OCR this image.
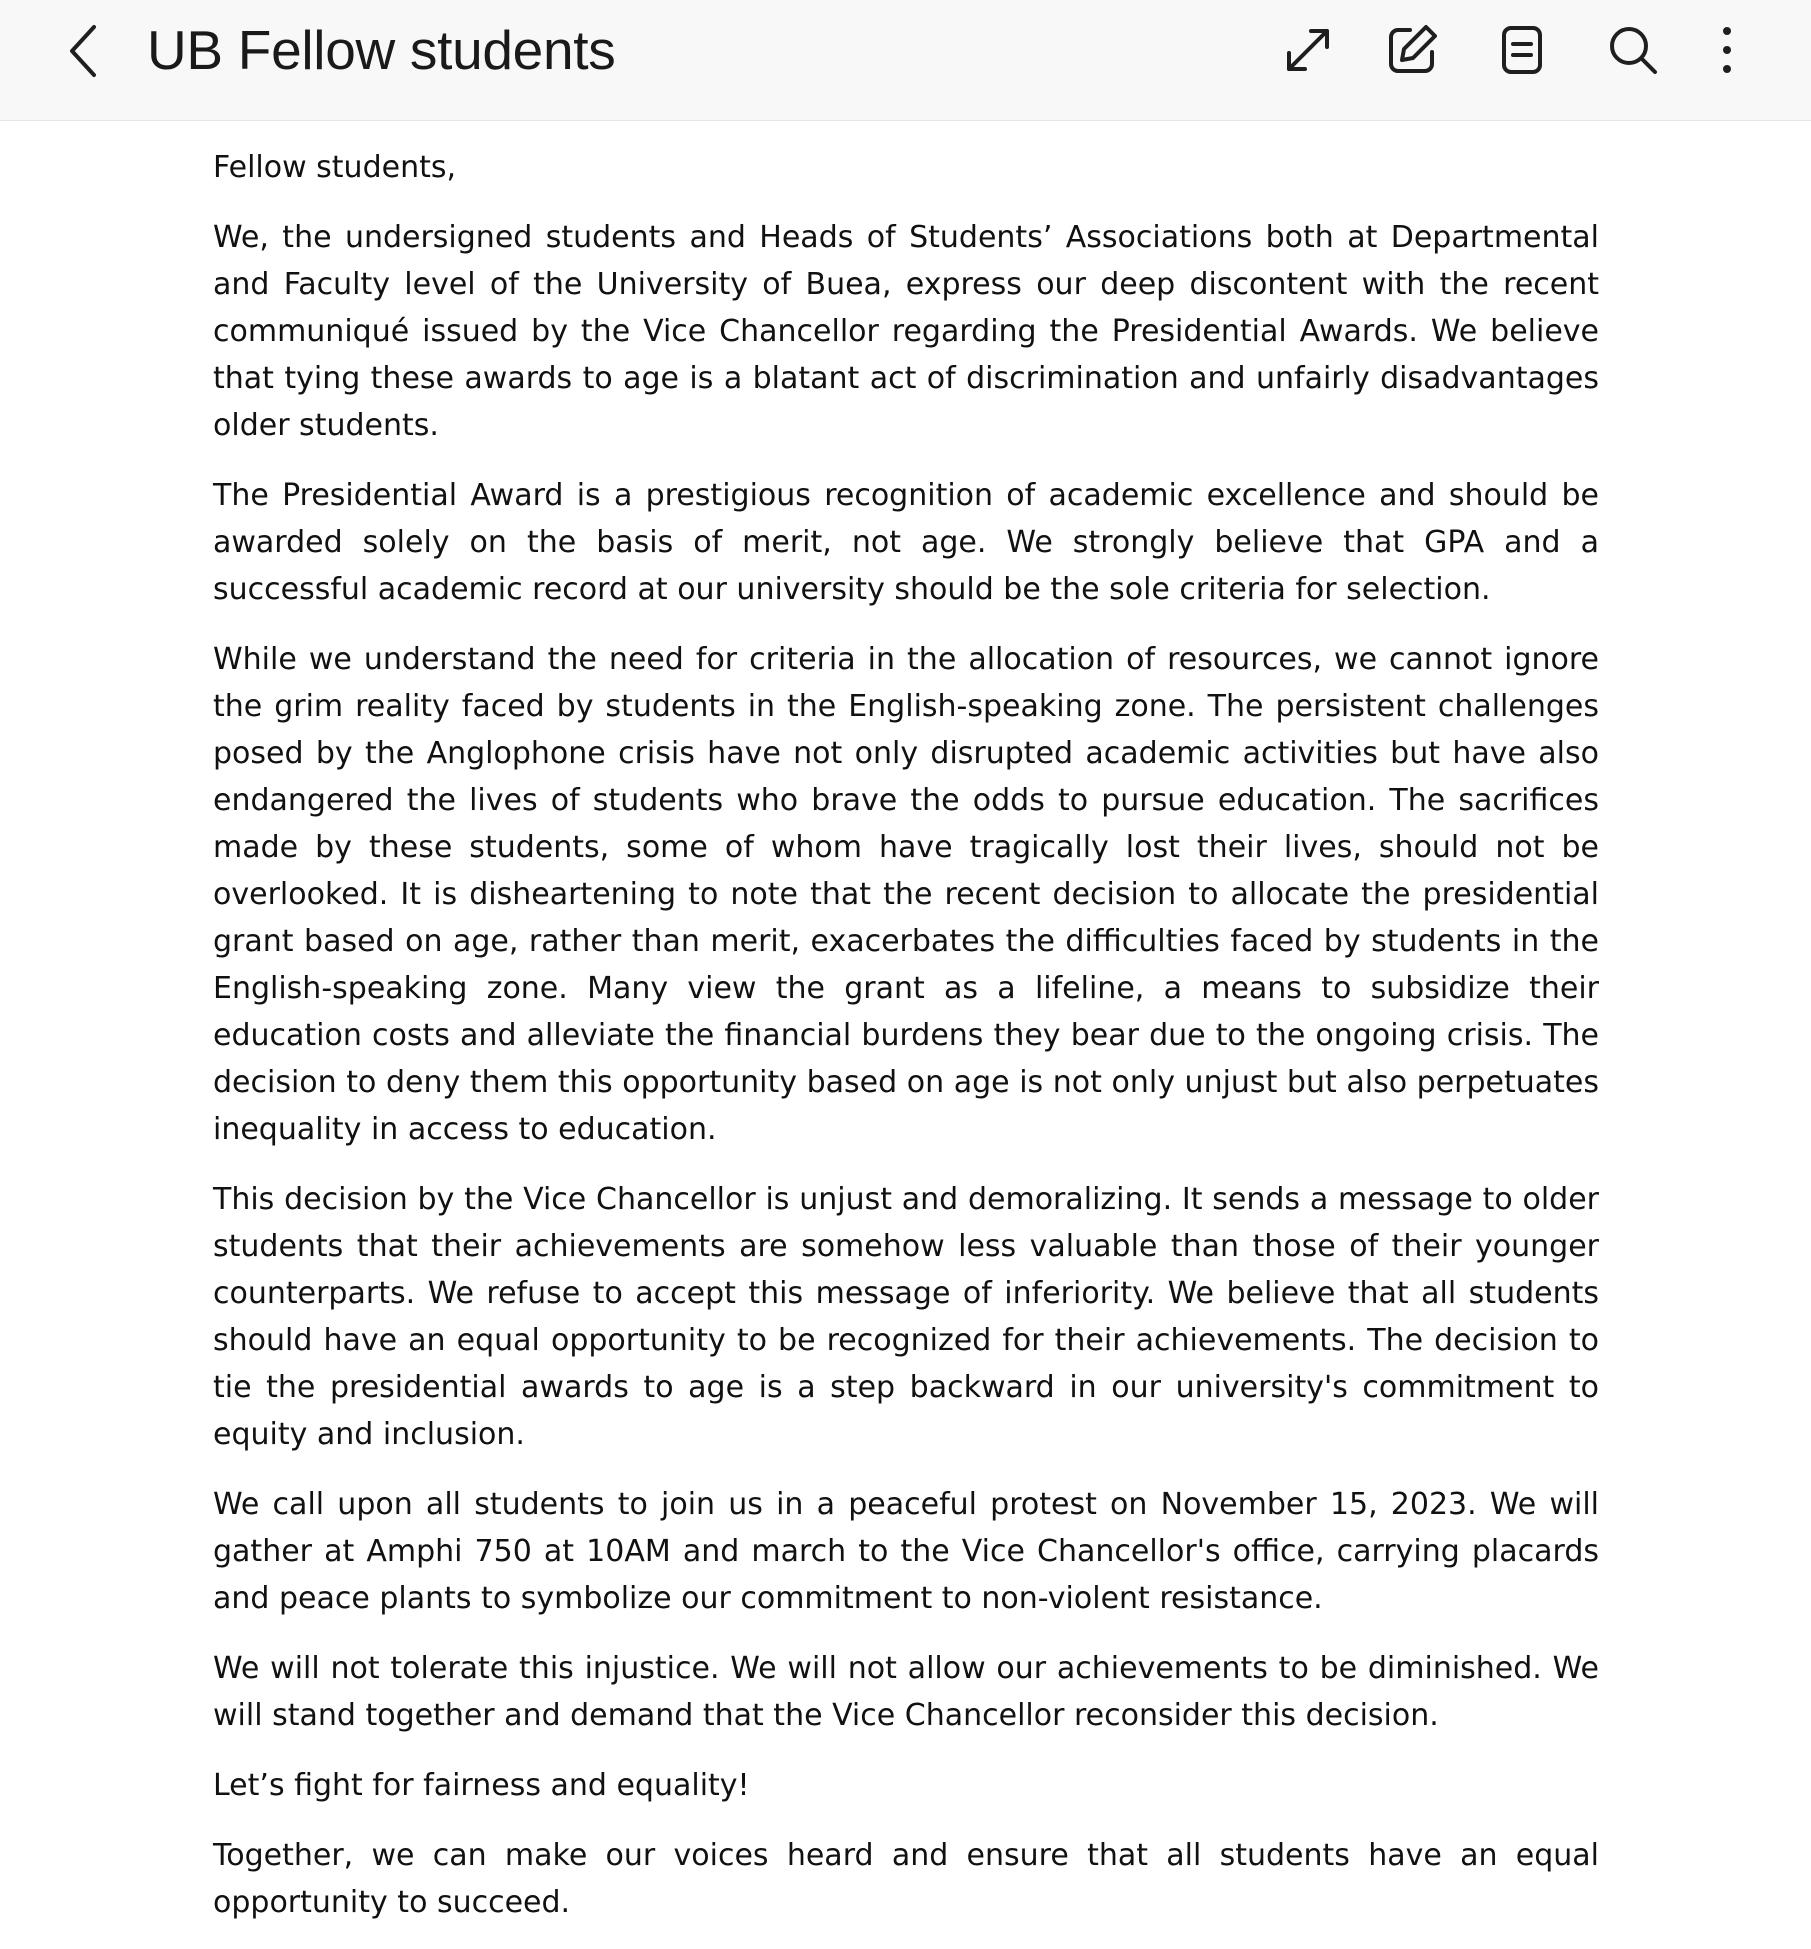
UB Fellow students

Fellow students,

We, the undersigned students and Heads of Students’ Associations both at Departmental and Faculty level of the University of Buea, express our deep discontent with the recent communiqué issued by the Vice Chancellor regarding the Presidential Awards. We believe that tying these awards to age is a blatant act of discrimination and unfairly disadvantages older students.

The Presidential Award is a prestigious recognition of academic excellence and should be awarded solely on the basis of merit, not age. We strongly believe that GPA and a successful academic record at our university should be the sole criteria for selection.

While we understand the need for criteria in the allocation of resources, we cannot ignore the grim reality faced by students in the English-speaking zone. The persistent challenges posed by the Anglophone crisis have not only disrupted academic activities but have also endangered the lives of students who brave the odds to pursue education. The sacrifices made by these students, some of whom have tragically lost their lives, should not be overlooked. It is disheartening to note that the recent decision to allocate the presidential grant based on age, rather than merit, exacerbates the difficulties faced by students in the English-speaking zone. Many view the grant as a lifeline, a means to subsidize their education costs and alleviate the financial burdens they bear due to the ongoing crisis. The decision to deny them this opportunity based on age is not only unjust but also perpetuates inequality in access to education.

This decision by the Vice Chancellor is unjust and demoralizing. It sends a message to older students that their achievements are somehow less valuable than those of their younger counterparts. We refuse to accept this message of inferiority. We believe that all students should have an equal opportunity to be recognized for their achievements. The decision to tie the presidential awards to age is a step backward in our university's commitment to equity and inclusion.

We call upon all students to join us in a peaceful protest on November 15, 2023. We will gather at Amphi 750 at 10AM and march to the Vice Chancellor's office, carrying placards and peace plants to symbolize our commitment to non-violent resistance.

We will not tolerate this injustice. We will not allow our achievements to be diminished. We will stand together and demand that the Vice Chancellor reconsider this decision.

Let’s fight for fairness and equality!

Together, we can make our voices heard and ensure that all students have an equal opportunity to succeed.
